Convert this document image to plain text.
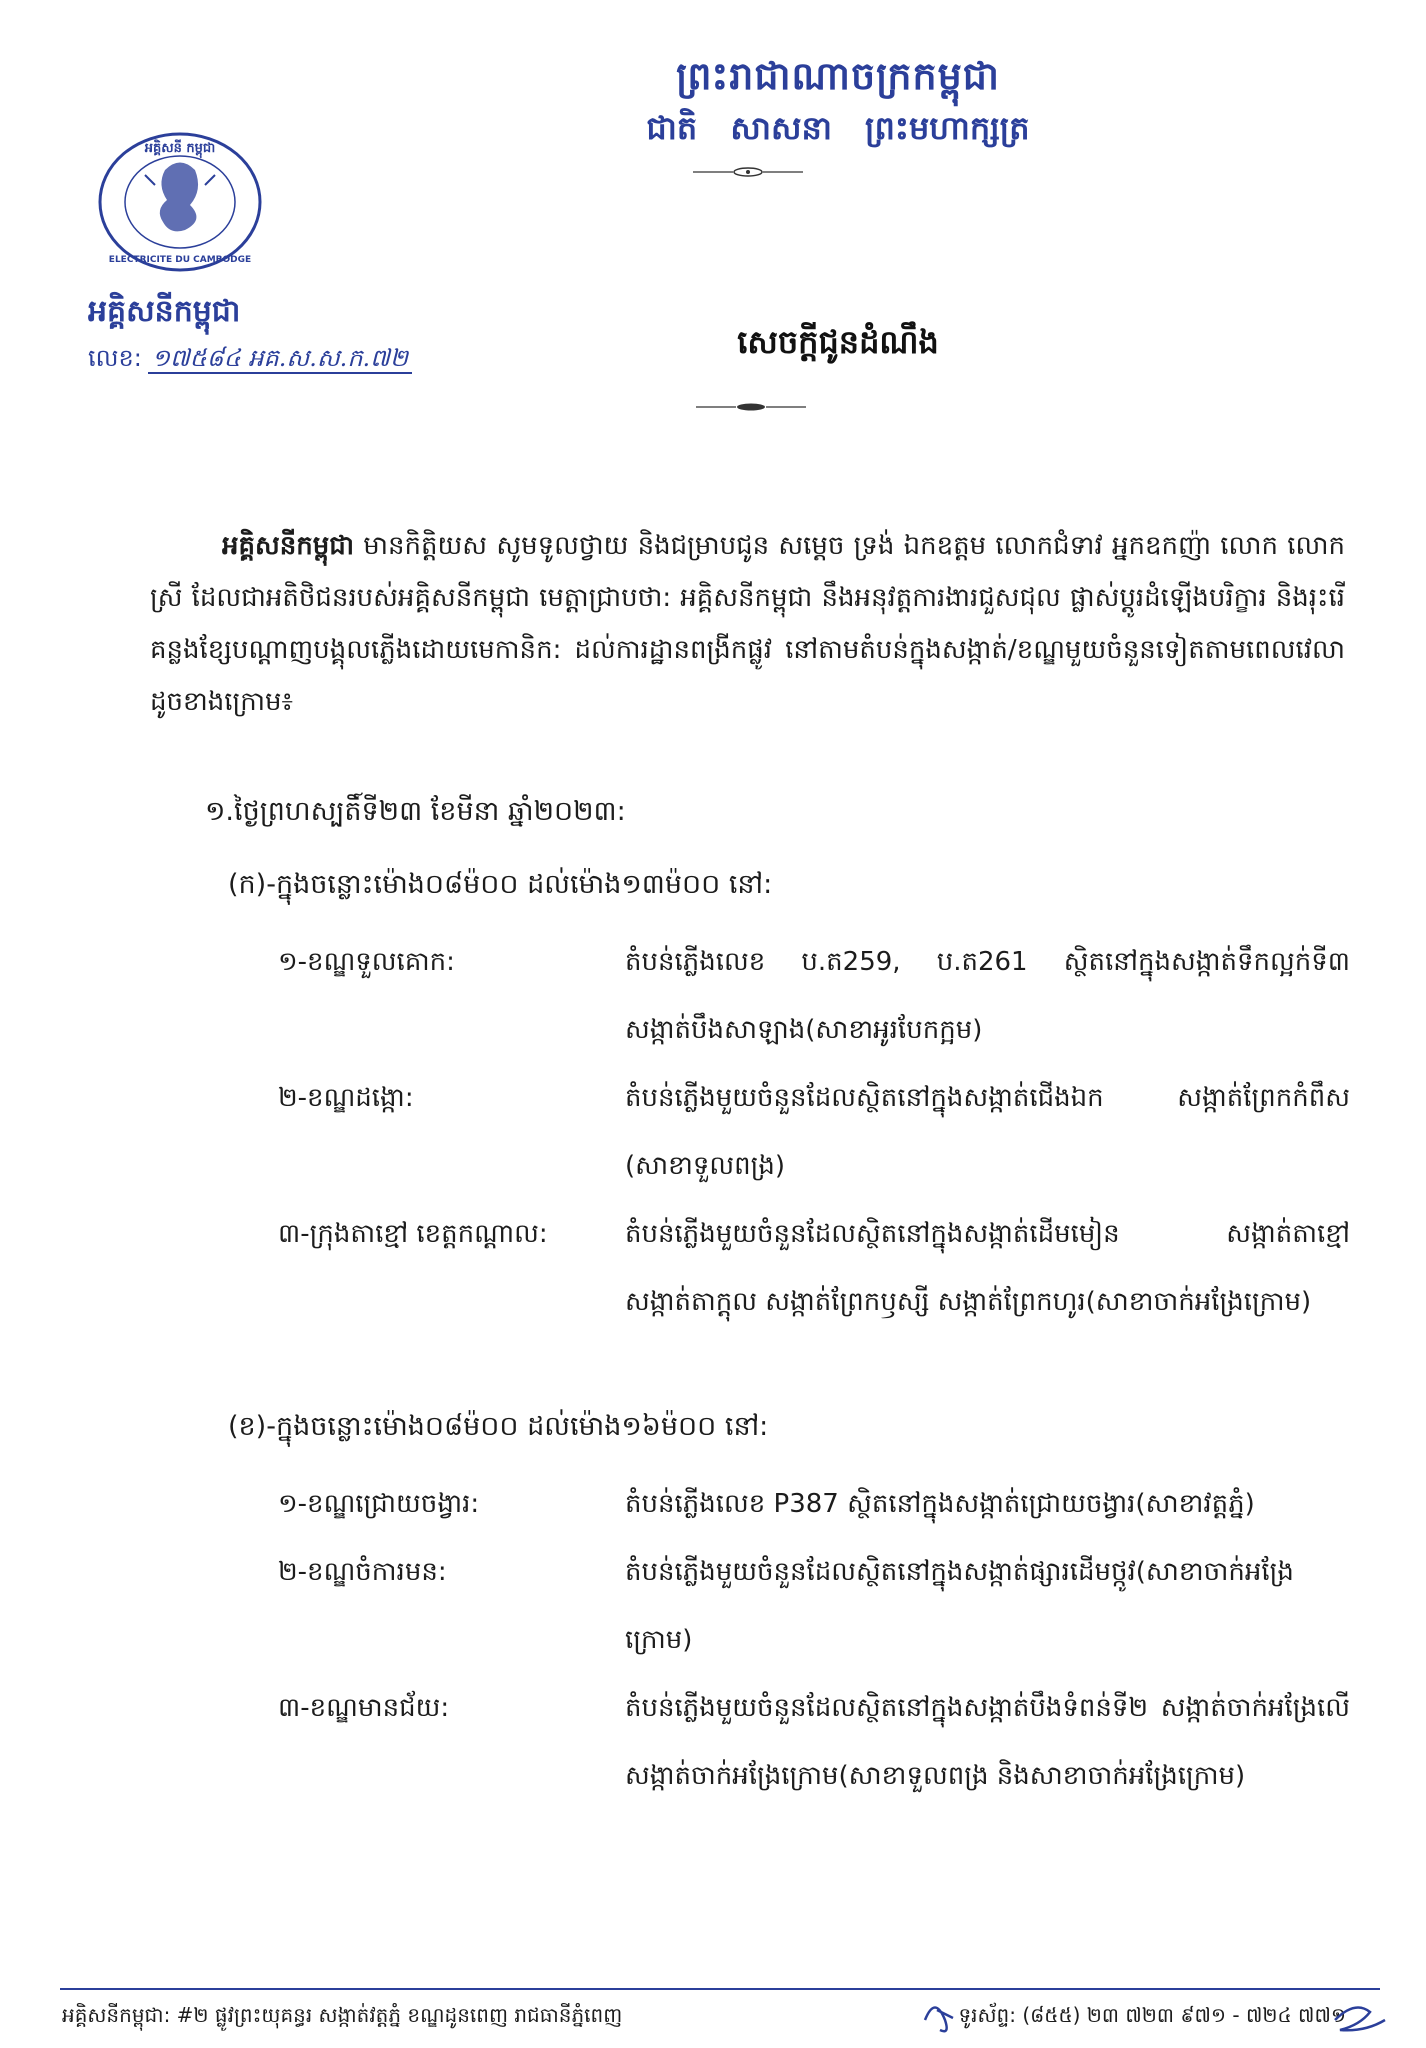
ព្រះរាជាណាចក្រកម្ពុជា
ជាតិ សាសនា ព្រះមហាក្សត្រ
អគ្គិសនី កម្ពុជា
ELECTRICITE DU CAMBODGE
អគ្គិសនីកម្ពុជា
លេខ: ១៧៥៨៤ អគ.ស.ស.ក.៧២	សេចក្តីជូនដំណឹង
អគ្គិសនីកម្ពុជា មានកិត្តិយស សូមទូលថ្វាយ និងជម្រាបជូន សម្តេច ទ្រង់ ឯកឧត្តម លោកជំទាវ អ្នកឧកញ៉ា លោក លោកស្រី ដែលជាអតិថិជនរបស់អគ្គិសនីកម្ពុជា មេត្តាជ្រាបថា: អគ្គិសនីកម្ពុជា នឹងអនុវត្តការងារជួសជុល ផ្លាស់ប្តូរដំឡើងបរិក្ខារ និងរុះរើគន្លងខ្សែបណ្តាញបង្គុលភ្លើងដោយមេកានិក: ដល់ការដ្ឋានពង្រីកផ្លូវ នៅតាមតំបន់ក្នុងសង្កាត់/ខណ្ឌមួយចំនួនទៀតតាមពេលវេលាដូចខាងក្រោម៖
១.ថ្ងៃព្រហស្បតិ៍ទី២៣ ខែមីនា ឆ្នាំ២០២៣:
(ក)-ក្នុងចន្លោះម៉ោង០៨ម៉០០ ដល់ម៉ោង១៣ម៉០០ នៅ:
១-ខណ្ឌទួលគោក:	តំបន់ភ្លើងលេខ ប.ត259, ប.ត261 ស្ថិតនៅក្នុងសង្កាត់ទឹកល្អក់ទី៣ សង្កាត់បឹងសាឡាង(សាខាអូរបែកក្អម)
២-ខណ្ឌដង្កោ:	តំបន់ភ្លើងមួយចំនួនដែលស្ថិតនៅក្នុងសង្កាត់ជើងឯក សង្កាត់ព្រែកកំពឹស (សាខាទួលពង្រ)
៣-ក្រុងតាខ្មៅ ខេត្តកណ្តាល:	តំបន់ភ្លើងមួយចំនួនដែលស្ថិតនៅក្នុងសង្កាត់ដើមមៀន សង្កាត់តាខ្មៅ សង្កាត់តាក្តុល សង្កាត់ព្រែកឫស្សី សង្កាត់ព្រែកហូរ(សាខាចាក់អង្រែក្រោម)
(ខ)-ក្នុងចន្លោះម៉ោង០៨ម៉០០ ដល់ម៉ោង១៦ម៉០០ នៅ:
១-ខណ្ឌជ្រោយចង្វារ:	តំបន់ភ្លើងលេខ P387 ស្ថិតនៅក្នុងសង្កាត់ជ្រោយចង្វារ(សាខាវត្តភ្នំ)
២-ខណ្ឌចំការមន:	តំបន់ភ្លើងមួយចំនួនដែលស្ថិតនៅក្នុងសង្កាត់ផ្សារដើមថ្កូវ(សាខាចាក់អង្រែក្រោម)
៣-ខណ្ឌមានជ័យ:	តំបន់ភ្លើងមួយចំនួនដែលស្ថិតនៅក្នុងសង្កាត់បឹងទំពន់ទី២ សង្កាត់ចាក់អង្រែលើ សង្កាត់ចាក់អង្រែក្រោម(សាខាទួលពង្រ និងសាខាចាក់អង្រែក្រោម)
អគ្គិសនីកម្ពុជា: #២ ផ្លូវព្រះយុគន្ធរ សង្កាត់វត្តភ្នំ ខណ្ឌដូនពេញ រាជធានីភ្នំពេញ	ទូរស័ព្ទ: (៨៥៥) ២៣ ៧២៣ ៩៧១ - ៧២៤ ៧៧១
